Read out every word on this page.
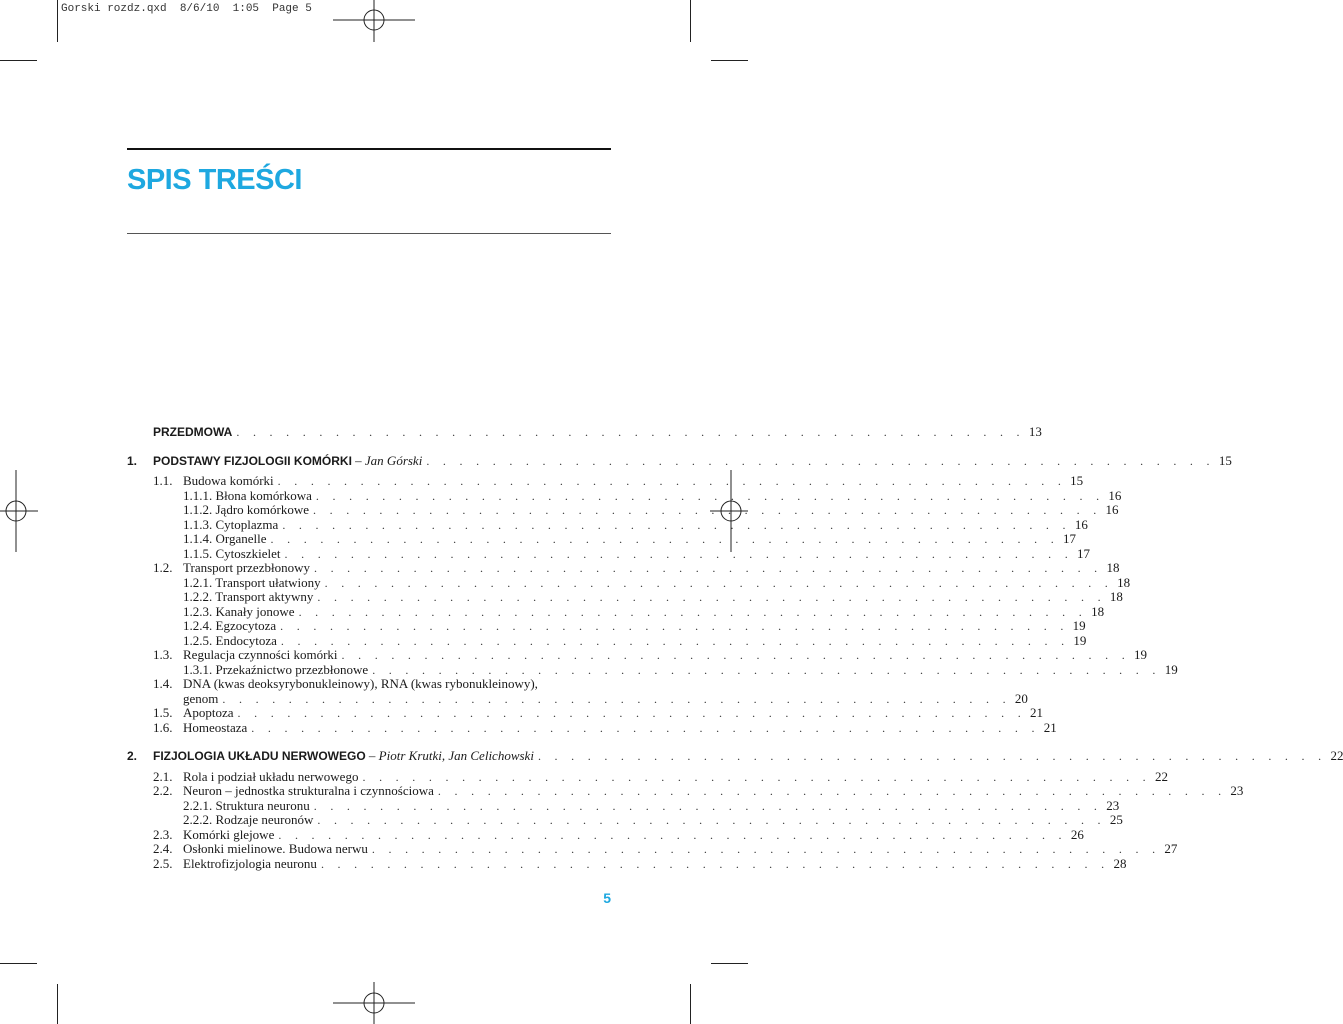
Gorski rozdz.qxd  8/6/10  1:05  Page 5
SPIS TREŚCI
PRZEDMOWA . . . . . . . . . . . . . . . . . . . . . . . . . . . . . . . . . . . . . . . . . . . . . . . . 13
1. PODSTAWY FIZJOLOGII KOMÓRKI – Jan Górski . . . . . . . . . . . . . . . . . . . . . . . . . . . . . . . . . . . . . . . . . . . . . . . . 15
1.1. Budowa komórki . . . . . . . . . . . . . . . . . . . . . . . . . . . . . . . . . . . . . . . . . . . . . . . . 15
1.1.1. Błona komórkowa . . . . . . . . . . . . . . . . . . . . . . . . . . . . . . . . . . . . . . . . . . . . . . . . 16
1.1.2. Jądro komórkowe . . . . . . . . . . . . . . . . . . . . . . . . . . . . . . . . . . . . . . . . . . . . . . . . 16
1.1.3. Cytoplazma . . . . . . . . . . . . . . . . . . . . . . . . . . . . . . . . . . . . . . . . . . . . . . . . 16
1.1.4. Organelle . . . . . . . . . . . . . . . . . . . . . . . . . . . . . . . . . . . . . . . . . . . . . . . . 17
1.1.5. Cytoszkielet . . . . . . . . . . . . . . . . . . . . . . . . . . . . . . . . . . . . . . . . . . . . . . . . 17
1.2. Transport przezbłonowy . . . . . . . . . . . . . . . . . . . . . . . . . . . . . . . . . . . . . . . . . . . . . . . . 18
1.2.1. Transport ułatwiony . . . . . . . . . . . . . . . . . . . . . . . . . . . . . . . . . . . . . . . . . . . . . . . . 18
1.2.2. Transport aktywny . . . . . . . . . . . . . . . . . . . . . . . . . . . . . . . . . . . . . . . . . . . . . . . . 18
1.2.3. Kanały jonowe . . . . . . . . . . . . . . . . . . . . . . . . . . . . . . . . . . . . . . . . . . . . . . . . 18
1.2.4. Egzocytoza . . . . . . . . . . . . . . . . . . . . . . . . . . . . . . . . . . . . . . . . . . . . . . . . 19
1.2.5. Endocytoza . . . . . . . . . . . . . . . . . . . . . . . . . . . . . . . . . . . . . . . . . . . . . . . . 19
1.3. Regulacja czynności komórki . . . . . . . . . . . . . . . . . . . . . . . . . . . . . . . . . . . . . . . . . . . . . . . . 19
1.3.1. Przekaźnictwo przezbłonowe . . . . . . . . . . . . . . . . . . . . . . . . . . . . . . . . . . . . . . . . . . . . . . . . 19
1.4. DNA (kwas deoksyrybonukleinowy), RNA (kwas rybonukleinowy),
genom . . . . . . . . . . . . . . . . . . . . . . . . . . . . . . . . . . . . . . . . . . . . . . . . 20
1.5. Apoptoza . . . . . . . . . . . . . . . . . . . . . . . . . . . . . . . . . . . . . . . . . . . . . . . . 21
1.6. Homeostaza . . . . . . . . . . . . . . . . . . . . . . . . . . . . . . . . . . . . . . . . . . . . . . . . 21
2. FIZJOLOGIA UKŁADU NERWOWEGO – Piotr Krutki, Jan Celichowski . . . . . . . . . . . . . . . . . . . . . . . . . . . . . . . . . . . . . . . . . . . . . . . . 22
2.1. Rola i podział układu nerwowego . . . . . . . . . . . . . . . . . . . . . . . . . . . . . . . . . . . . . . . . . . . . . . . . 22
2.2. Neuron – jednostka strukturalna i czynnościowa . . . . . . . . . . . . . . . . . . . . . . . . . . . . . . . . . . . . . . . . . . . . . . . . 23
2.2.1. Struktura neuronu . . . . . . . . . . . . . . . . . . . . . . . . . . . . . . . . . . . . . . . . . . . . . . . . 23
2.2.2. Rodzaje neuronów . . . . . . . . . . . . . . . . . . . . . . . . . . . . . . . . . . . . . . . . . . . . . . . . 25
2.3. Komórki glejowe . . . . . . . . . . . . . . . . . . . . . . . . . . . . . . . . . . . . . . . . . . . . . . . . 26
2.4. Osłonki mielinowe. Budowa nerwu . . . . . . . . . . . . . . . . . . . . . . . . . . . . . . . . . . . . . . . . . . . . . . . . 27
2.5. Elektrofizjologia neuronu . . . . . . . . . . . . . . . . . . . . . . . . . . . . . . . . . . . . . . . . . . . . . . . . 28
5
